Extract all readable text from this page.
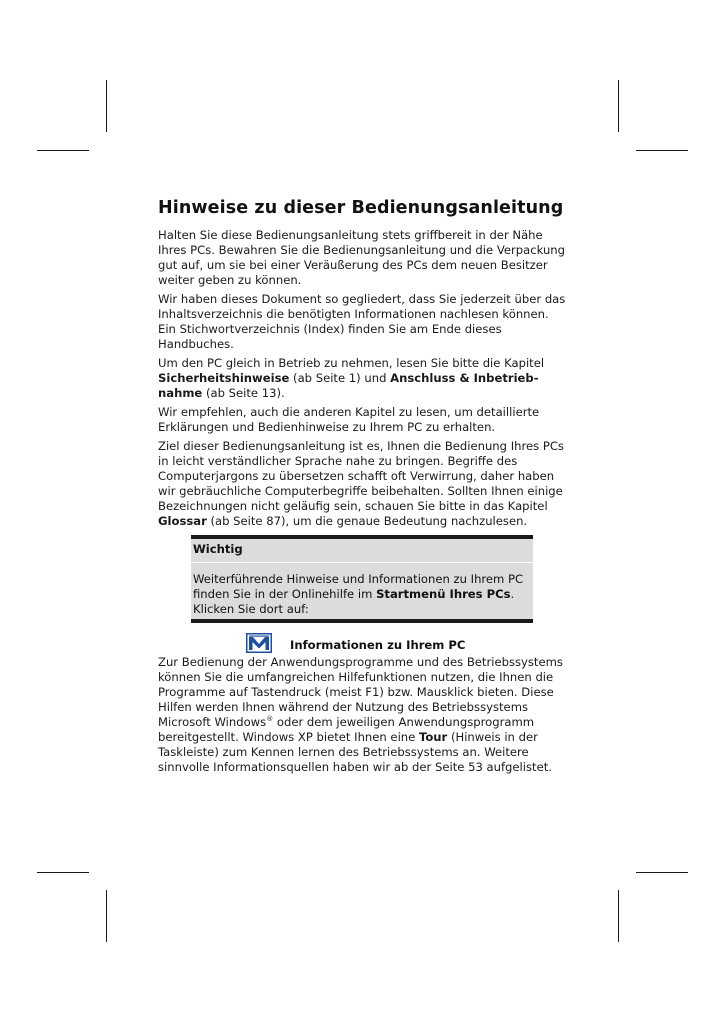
Hinweise zu dieser Bedienungsanleitung

Halten Sie diese Bedienungsanleitung stets griffbereit in der Nähe Ihres PCs. Bewahren Sie die Bedienungsanleitung und die Verpackung gut auf, um sie bei einer Veräußerung des PCs dem neuen Besitzer weiter geben zu können.

Wir haben dieses Dokument so gegliedert, dass Sie jederzeit über das Inhaltsverzeichnis die benötigten Informationen nachlesen können. Ein Stichwortverzeichnis (Index) finden Sie am Ende dieses Handbuches.

Um den PC gleich in Betrieb zu nehmen, lesen Sie bitte die Kapitel Sicherheitshinweise (ab Seite 1) und Anschluss & Inbetriebnahme (ab Seite 13).

Wir empfehlen, auch die anderen Kapitel zu lesen, um detaillierte Erklärungen und Bedienhinweise zu Ihrem PC zu erhalten.

Ziel dieser Bedienungsanleitung ist es, Ihnen die Bedienung Ihres PCs in leicht verständlicher Sprache nahe zu bringen. Begriffe des Computerjargons zu übersetzen schafft oft Verwirrung, daher haben wir gebräuchliche Computerbegriffe beibehalten. Sollten Ihnen einige Bezeichnungen nicht geläufig sein, schauen Sie bitte in das Kapitel Glossar (ab Seite 87), um die genaue Bedeutung nachzulesen.

Wichtig
Weiterführende Hinweise und Informationen zu Ihrem PC finden Sie in der Onlinehilfe im Startmenü Ihres PCs. Klicken Sie dort auf:
Informationen zu Ihrem PC

Zur Bedienung der Anwendungsprogramme und des Betriebssystems können Sie die umfangreichen Hilfefunktionen nutzen, die Ihnen die Programme auf Tastendruck (meist F1) bzw. Mausklick bieten. Diese Hilfen werden Ihnen während der Nutzung des Betriebssystems Microsoft Windows® oder dem jeweiligen Anwendungsprogramm bereitgestellt. Windows XP bietet Ihnen eine Tour (Hinweis in der Taskleiste) zum Kennen lernen des Betriebssystems an. Weitere sinnvolle Informationsquellen haben wir ab der Seite 53 aufgelistet.
